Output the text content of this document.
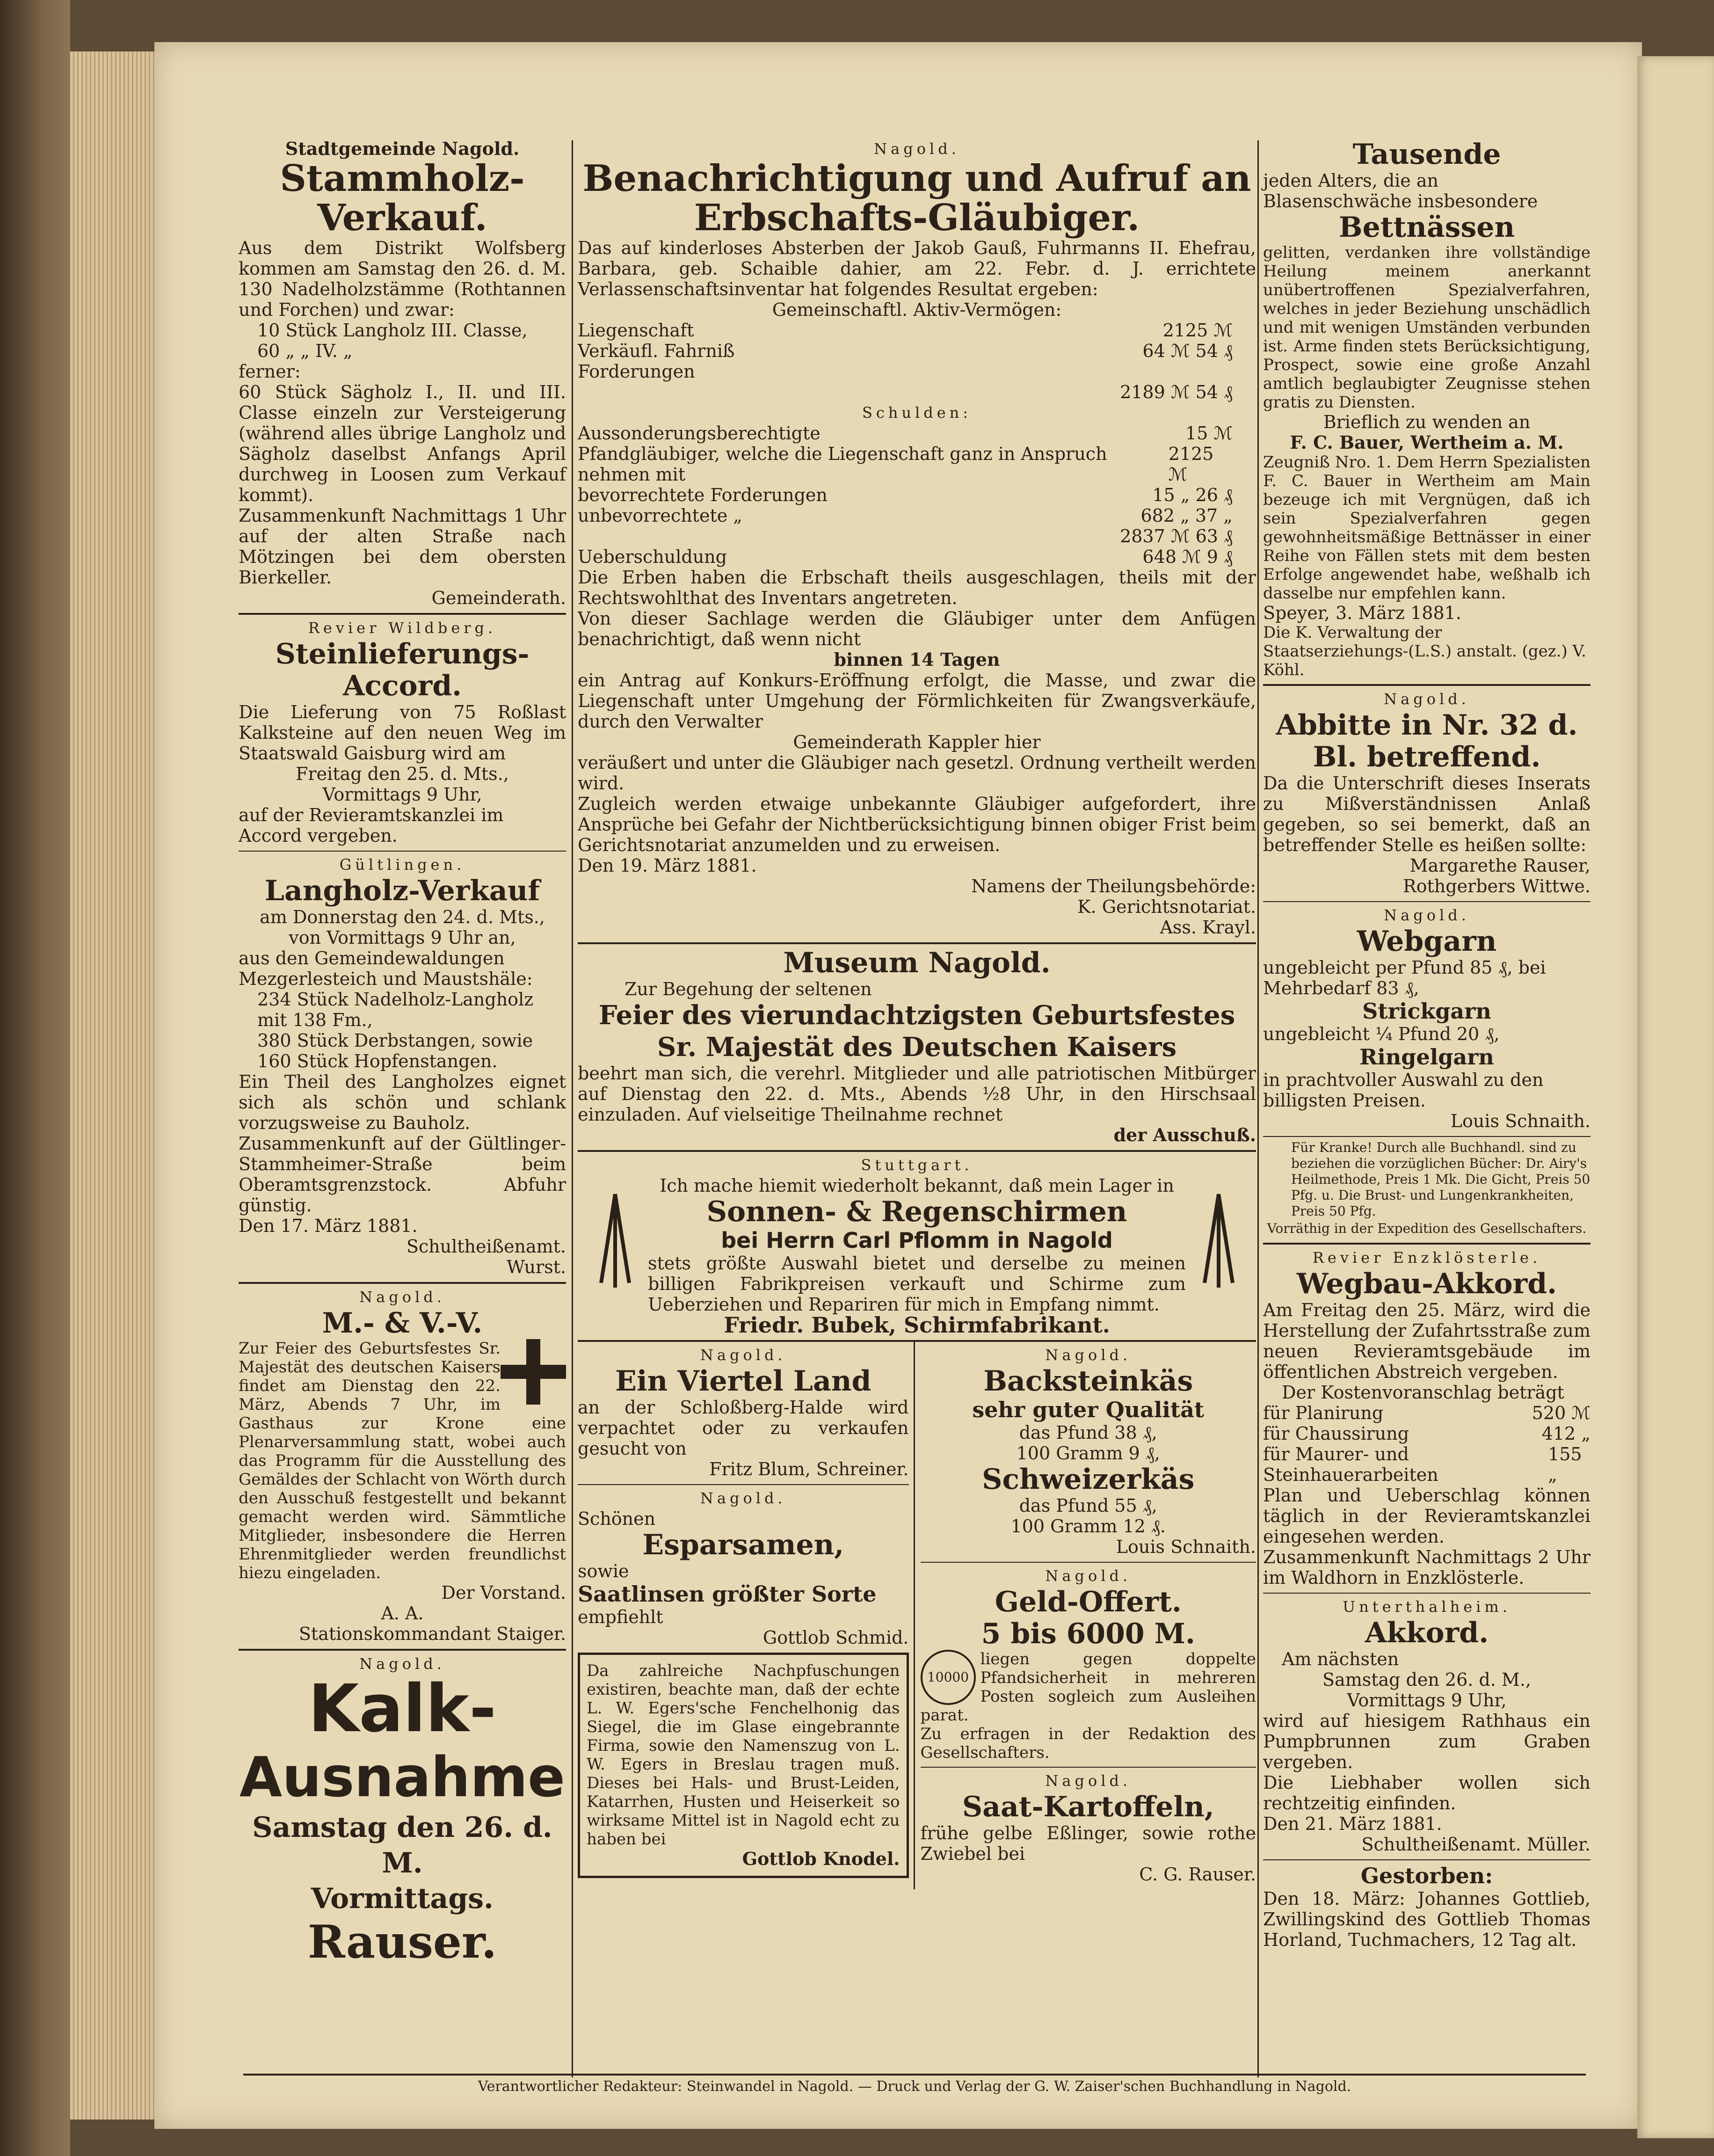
Stadtgemeinde Nagold.
Stammholz-Verkauf.
Aus dem Distrikt Wolfsberg kommen am Samstag den 26. d. M. 130 Nadelholzstämme (Rothtannen und Forchen) und zwar:
10 Stück Langholz III. Classe,
60 „ „ IV. „
ferner:
60 Stück Sägholz I., II. und III. Classe einzeln zur Versteigerung (während alles übrige Langholz und Sägholz daselbst Anfangs April durchweg in Loosen zum Verkauf kommt).
Zusammenkunft Nachmittags 1 Uhr auf der alten Straße nach Mötzingen bei dem obersten Bierkeller.
Gemeinderath.
Revier Wildberg.
Steinlieferungs-Accord.
Die Lieferung von 75 Roßlast Kalksteine auf den neuen Weg im Staatswald Gaisburg wird am
Freitag den 25. d. Mts.,
Vormittags 9 Uhr,
auf der Revieramtskanzlei im Accord vergeben.
Gültlingen.
Langholz-Verkauf
am Donnerstag den 24. d. Mts.,
von Vormittags 9 Uhr an,
aus den Gemeindewaldungen Mezgerlesteich und Maustshäle:
234 Stück Nadelholz-Langholz mit 138 Fm.,
380 Stück Derbstangen, sowie
160 Stück Hopfenstangen.
Ein Theil des Langholzes eignet sich als schön und schlank vorzugsweise zu Bauholz.
Zusammenkunft auf der Gültlinger-Stammheimer-Straße beim Oberamtsgrenzstock. Abfuhr günstig.
Den 17. März 1881.
Schultheißenamt.
Wurst.
Nagold.
M.- & V.-V.
Zur Feier des Geburtsfestes Sr. Majestät des deutschen Kaisers findet am Dienstag den 22. März, Abends 7 Uhr, im Gasthaus zur Krone eine Plenarversammlung statt, wobei auch das Programm für die Ausstellung des Gemäldes der Schlacht von Wörth durch den Ausschuß festgestellt und bekannt gemacht werden wird. Sämmtliche Mitglieder, insbesondere die Herren Ehrenmitglieder werden freundlichst hiezu eingeladen.
Der Vorstand.
A. A.
Stationskommandant Staiger.
Nagold.
Kalk-
Ausnahme
Samstag den 26. d. M.
Vormittags.
Rauser.
Nagold.
Benachrichtigung und Aufruf an Erbschafts-Gläubiger.
Das auf kinderloses Absterben der Jakob Gauß, Fuhrmanns II. Ehefrau, Barbara, geb. Schaible dahier, am 22. Febr. d. J. errichtete Verlassenschaftsinventar hat folgendes Resultat ergeben:
Gemeinschaftl. Aktiv-Vermögen:
Liegenschaft	2125 ℳ
Verkäufl. Fahrniß	64 ℳ 54 ₰
Forderungen
2189 ℳ 54 ₰
Schulden:
Aussonderungsberechtigte	15 ℳ
Pfandgläubiger, welche die Liegenschaft ganz in Anspruch nehmen mit
2125 ℳ
bevorrechtete Forderungen	15 „ 26 ₰
unbevorrechtete „	682 „ 37 „
2837 ℳ 63 ₰
Ueberschuldung	648 ℳ 9 ₰
Die Erben haben die Erbschaft theils ausgeschlagen, theils mit der Rechtswohlthat des Inventars angetreten.
Von dieser Sachlage werden die Gläubiger unter dem Anfügen benachrichtigt, daß wenn nicht
binnen 14 Tagen
ein Antrag auf Konkurs-Eröffnung erfolgt, die Masse, und zwar die Liegenschaft unter Umgehung der Förmlichkeiten für Zwangsverkäufe, durch den Verwalter
Gemeinderath Kappler hier
veräußert und unter die Gläubiger nach gesetzl. Ordnung vertheilt werden wird.
Zugleich werden etwaige unbekannte Gläubiger aufgefordert, ihre Ansprüche bei Gefahr der Nichtberücksichtigung binnen obiger Frist beim Gerichtsnotariat anzumelden und zu erweisen.
Den 19. März 1881.
Namens der Theilungsbehörde:
K. Gerichtsnotariat.
Ass. Krayl.
Museum Nagold.
Zur Begehung der seltenen
Feier des vierundachtzigsten Geburtsfestes
Sr. Majestät des Deutschen Kaisers
beehrt man sich, die verehrl. Mitglieder und alle patriotischen Mitbürger auf Dienstag den 22. d. Mts., Abends ½8 Uhr, in den Hirschsaal einzuladen. Auf vielseitige Theilnahme rechnet
der Ausschuß.
Stuttgart.
Ich mache hiemit wiederholt bekannt, daß mein Lager in
Sonnen- & Regenschirmen
bei Herrn Carl Pflomm in Nagold
stets größte Auswahl bietet und derselbe zu meinen billigen Fabrikpreisen verkauft und Schirme zum Ueberziehen und Repariren für mich in Empfang nimmt.
Friedr. Bubek, Schirmfabrikant.
Nagold.
Ein Viertel Land
an der Schloßberg-Halde wird verpachtet oder zu verkaufen gesucht von
Fritz Blum, Schreiner.
Nagold.
Schönen
Esparsamen,
sowie
Saatlinsen größter Sorte
empfiehlt
Gottlob Schmid.
Da zahlreiche Nachpfuschungen existiren, beachte man, daß der echte L. W. Egers'sche Fenchelhonig das Siegel, die im Glase eingebrannte Firma, sowie den Namenszug von L. W. Egers in Breslau tragen muß. Dieses bei Hals- und Brust-Leiden, Katarrhen, Husten und Heiserkeit so wirksame Mittel ist in Nagold echt zu haben bei
Gottlob Knodel.
Nagold.
Backsteinkäs
sehr guter Qualität
das Pfund 38 ₰,
100 Gramm 9 ₰,
Schweizerkäs
das Pfund 55 ₰,
100 Gramm 12 ₰.
Louis Schnaith.
Nagold.
Geld-Offert.
5 bis 6000 M.
10000
liegen gegen doppelte Pfandsicherheit in mehreren Posten sogleich zum Ausleihen parat.
Zu erfragen in der Redaktion des Gesellschafters.
Nagold.
Saat-Kartoffeln,
frühe gelbe Eßlinger, sowie rothe Zwiebel bei
C. G. Rauser.
Tausende
jeden Alters, die an Blasenschwäche insbesondere
Bettnässen
gelitten, verdanken ihre vollständige Heilung meinem anerkannt unübertroffenen Spezialverfahren, welches in jeder Beziehung unschädlich und mit wenigen Umständen verbunden ist. Arme finden stets Berücksichtigung, Prospect, sowie eine große Anzahl amtlich beglaubigter Zeugnisse stehen gratis zu Diensten.
Brieflich zu wenden an
F. C. Bauer, Wertheim a. M.
Zeugniß Nro. 1. Dem Herrn Spezialisten F. C. Bauer in Wertheim am Main bezeuge ich mit Vergnügen, daß ich sein Spezialverfahren gegen gewohnheitsmäßige Bettnässer in einer Reihe von Fällen stets mit dem besten Erfolge angewendet habe, weßhalb ich dasselbe nur empfehlen kann.
Speyer, 3. März 1881.
Die K. Verwaltung der Staatserziehungs-(L.S.) anstalt. (gez.) V. Köhl.
Nagold.
Abbitte in Nr. 32 d. Bl. betreffend.
Da die Unterschrift dieses Inserats zu Mißverständnissen Anlaß gegeben, so sei bemerkt, daß an betreffender Stelle es heißen sollte:
Margarethe Rauser,
Rothgerbers Wittwe.
Nagold.
Webgarn
ungebleicht per Pfund 85 ₰, bei Mehrbedarf 83 ₰,
Strickgarn
ungebleicht ¼ Pfund 20 ₰,
Ringelgarn
in prachtvoller Auswahl zu den billigsten Preisen.
Louis Schnaith.
Für Kranke! Durch alle Buchhandl. sind zu beziehen die vorzüglichen Bücher: Dr. Airy's Heilmethode, Preis 1 Mk. Die Gicht, Preis 50 Pfg. u. Die Brust- und Lungenkrankheiten, Preis 50 Pfg.
Vorräthig in der Expedition des Gesellschafters.
Revier Enzklösterle.
Wegbau-Akkord.
Am Freitag den 25. März, wird die Herstellung der Zufahrtsstraße zum neuen Revieramtsgebäude im öffentlichen Abstreich vergeben.
Der Kostenvoranschlag beträgt
für Planirung	520 ℳ
für Chaussirung	412 „
für Maurer- und Steinhauerarbeiten
155 „
Plan und Ueberschlag können täglich in der Revieramtskanzlei eingesehen werden.
Zusammenkunft Nachmittags 2 Uhr im Waldhorn in Enzklösterle.
Unterthalheim.
Akkord.
Am nächsten
Samstag den 26. d. M.,
Vormittags 9 Uhr,
wird auf hiesigem Rathhaus ein Pumpbrunnen zum Graben vergeben.
Die Liebhaber wollen sich rechtzeitig einfinden.
Den 21. März 1881.
Schultheißenamt. Müller.
Gestorben:
Den 18. März: Johannes Gottlieb, Zwillingskind des Gottlieb Thomas Horland, Tuchmachers, 12 Tag alt.
Verantwortlicher Redakteur: Steinwandel in Nagold. — Druck und Verlag der G. W. Zaiser'schen Buchhandlung in Nagold.
